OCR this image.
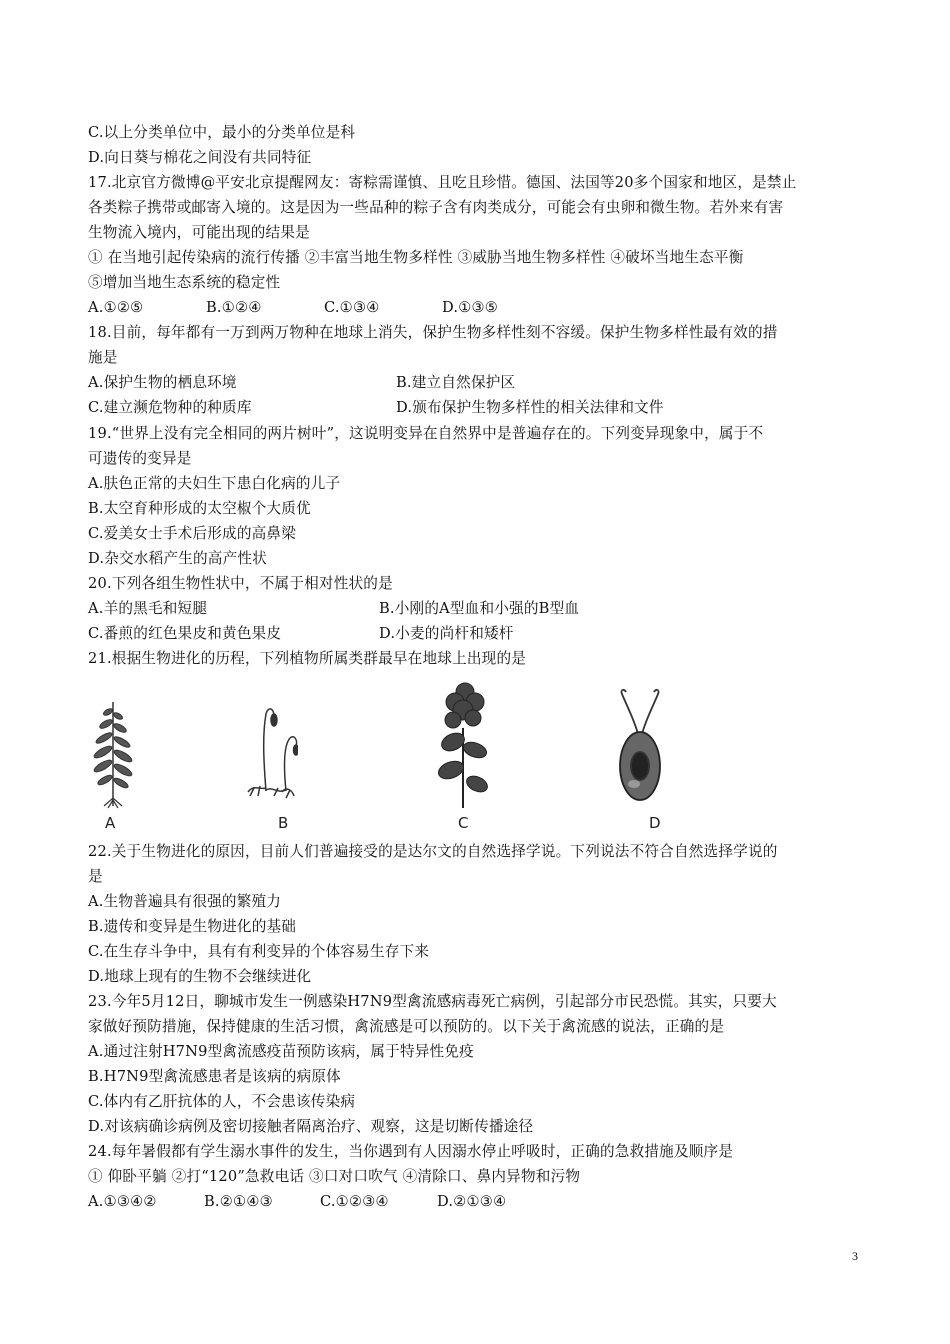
C.以上分类单位中，最小的分类单位是科
D.向日葵与棉花之间没有共同特征
17.北京官方微博@平安北京提醒网友：寄粽需谨慎、且吃且珍惜。德国、法国等20多个国家和地区，是禁止
各类粽子携带或邮寄入境的。这是因为一些品种的粽子含有肉类成分，可能会有虫卵和微生物。若外来有害
生物流入境内，可能出现的结果是
① 在当地引起传染病的流行传播 ②丰富当地生物多样性 ③威胁当地生物多样性 ④破坏当地生态平衡
⑤增加当地生态系统的稳定性
A.①②⑤	B.①②④	C.①③④	D.①③⑤
18.目前，每年都有一万到两万物种在地球上消失，保护生物多样性刻不容缓。保护生物多样性最有效的措
施是
A.保护生物的栖息环境	B.建立自然保护区
C.建立濒危物种的种质库	D.颁布保护生物多样性的相关法律和文件
19.“世界上没有完全相同的两片树叶”，这说明变异在自然界中是普遍存在的。下列变异现象中，属于不
可遗传的变异是
A.肤色正常的夫妇生下患白化病的儿子
B.太空育种形成的太空椒个大质优
C.爱美女士手术后形成的高鼻梁
D.杂交水稻产生的高产性状
20.下列各组生物性状中，不属于相对性状的是
A.羊的黑毛和短腿	B.小刚的A型血和小强的B型血
C.番煎的红色果皮和黄色果皮	D.小麦的尚杆和矮杆
21.根据生物进化的历程，下列植物所属类群最早在地球上出现的是
A	B	C	D
22.关于生物进化的原因，目前人们普遍接受的是达尔文的自然选择学说。下列说法不符合自然选择学说的
是
A.生物普遍具有很强的繁殖力
B.遗传和变异是生物进化的基础
C.在生存斗争中，具有有利变异的个体容易生存下来
D.地球上现有的生物不会继续进化
23.今年5月12日，聊城市发生一例感染H7N9型禽流感病毒死亡病例，引起部分市民恐慌。其实，只要大
家做好预防措施，保持健康的生活习惯，禽流感是可以预防的。以下关于禽流感的说法，正确的是
A.通过注射H7N9型禽流感疫苗预防该病，属于特异性免疫
B.H7N9型禽流感患者是该病的病原体
C.体内有乙肝抗体的人，不会患该传染病
D.对该病确诊病例及密切接触者隔离治疗、观察，这是切断传播途径
24.每年暑假都有学生溺水事件的发生，当你遇到有人因溺水停止呼吸时，正确的急救措施及顺序是
① 仰卧平躺 ②打“120”急救电话 ③口对口吹气 ④清除口、鼻内异物和污物
A.①③④②	B.②①④③	C.①②③④	D.②①③④
3
